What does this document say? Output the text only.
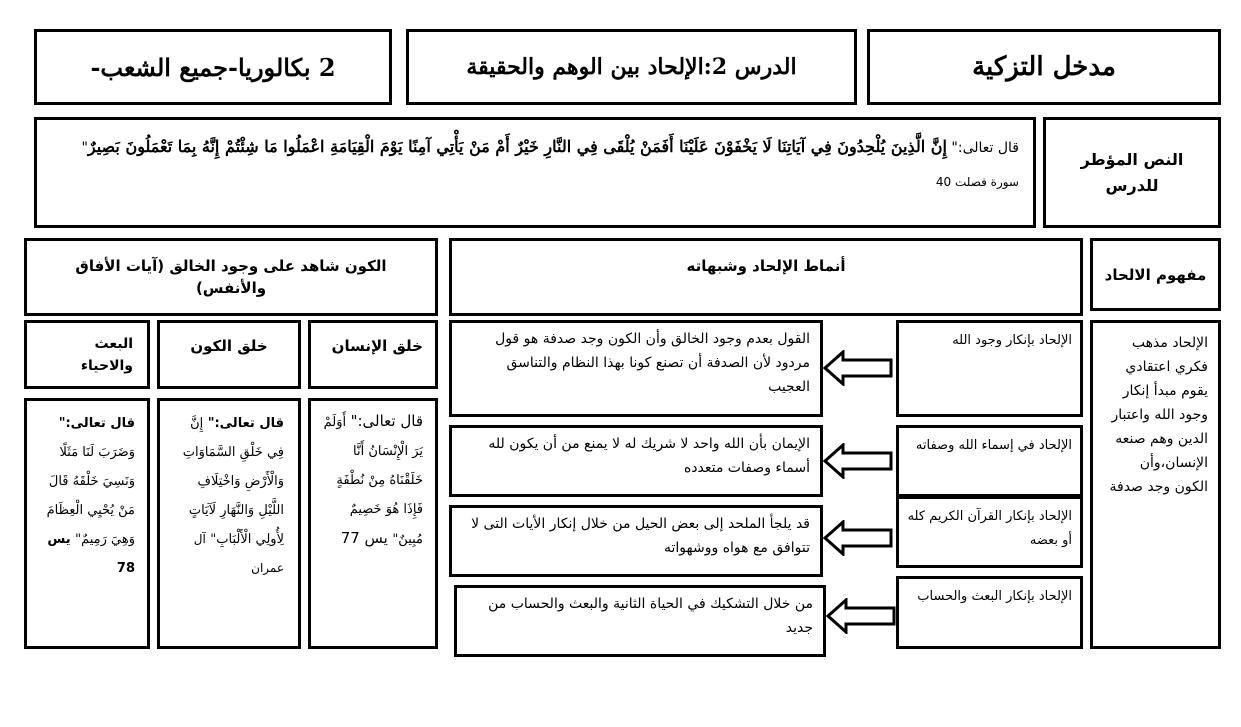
مدخل التزكية
الدرس 2:الإلحاد بين الوهم والحقيقة
2 بكالوريا-جميع الشعب-
النص المؤطر للدرس
قال تعالى:" إِنَّ الَّذِينَ يُلْحِدُونَ فِي آيَاتِنَا لَا يَخْفَوْنَ عَلَيْنَا أَفَمَنْ يُلْقَى فِي النَّارِ خَيْرٌ أَمْ مَنْ يَأْتِي آمِنًا يَوْمَ الْقِيَامَةِ اعْمَلُوا مَا شِئْتُمْ إِنَّهُ بِمَا تَعْمَلُونَ بَصِيرٌ" سورة فصلت 40
مفهوم الالحاد
الإلحاد مذهب فكري اعتقادي يقوم مبدأ إنكار وجود الله واعتبار الدين وهم صنعه الإنسان،وأن الكون وجد صدفة
أنماط الإلحاد وشبهاته
الإلحاد بإنكار وجود الله
القول بعدم وجود الخالق وأن الكون وجد صدفة هو قول مردود لأن الصدفة أن تصنع كونا بهذا النظام والتناسق العجيب
الإلحاد في إسماء الله وصفاته
الإيمان بأن الله واحد لا شريك له لا يمنع من أن يكون لله أسماء وصفات متعدده
الإلحاد بإنكار القرآن الكريم كله أو بعضه
قد يلجأ الملحد إلى بعض الحيل من خلال إنكار الأيات التى لا تتوافق مع هواه ووشهواته
الإلحاد بإنكار البعث والحساب
من خلال التشكيك في الحياة الثانية والبعث والحساب من جديد
الكون شاهد على وجود الخالق (آيات الأفاق والأنفس)
خلق الإنسان
خلق الكون
البعث والاحياء
قال تعالى:" أَوَلَمْ يَرَ الْإِنْسَانُ أَنَّا خَلَقْنَاهُ مِنْ نُطْفَةٍ فَإِذَا هُوَ خَصِيمٌ مُبِينٌ" يس 77
قال تعالى:" إِنَّ فِي خَلْقِ السَّمَاوَاتِ وَالْأَرْضِ وَاخْتِلَافِ اللَّيْلِ وَالنَّهَارِ لَآيَاتٍ لِأُولِي الْأَلْبَابِ" آل عمران
قال تعالى:" وَضَرَبَ لَنَا مَثَلًا وَنَسِيَ خَلْقَهُ قَالَ مَنْ يُحْيِي الْعِظَامَ وَهِيَ رَمِيمٌ" يس 78
